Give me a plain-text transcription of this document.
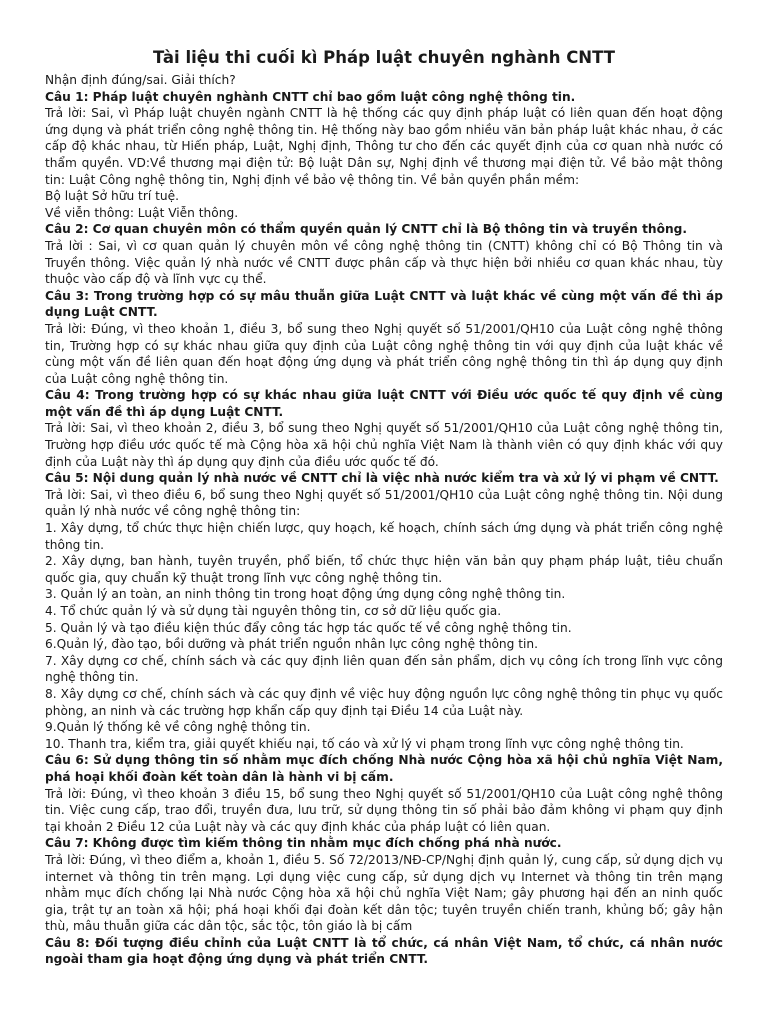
Tài liệu thi cuối kì Pháp luật chuyên nghành CNTT

Nhận định đúng/sai. Giải thích?

Câu 1: Pháp luật chuyên nghành CNTT chỉ bao gồm luật công nghệ thông tin.

Trả lời: Sai, vì Pháp luật chuyên ngành CNTT là hệ thống các quy định pháp luật có liên quan đến hoạt động ứng dụng và phát triển công nghệ thông tin. Hệ thống này bao gồm nhiều văn bản pháp luật khác nhau, ở các cấp độ khác nhau, từ Hiến pháp, Luật, Nghị định, Thông tư cho đến các quyết định của cơ quan nhà nước có thẩm quyền. VD:Về thương mại điện tử: Bộ luật Dân sự, Nghị định về thương mại điện tử. Về bảo mật thông tin: Luật Công nghệ thông tin, Nghị định về bảo vệ thông tin. Về bản quyền phần mềm:

Bộ luật Sở hữu trí tuệ.

Về viễn thông: Luật Viễn thông.

Câu 2: Cơ quan chuyên môn có thẩm quyền quản lý CNTT chỉ là Bộ thông tin và truyền thông.

Trả lời : Sai, vì cơ quan quản lý chuyên môn về công nghệ thông tin (CNTT) không chỉ có Bộ Thông tin và Truyền thông. Việc quản lý nhà nước về CNTT được phân cấp và thực hiện bởi nhiều cơ quan khác nhau, tùy thuộc vào cấp độ và lĩnh vực cụ thể.

Câu 3: Trong trường hợp có sự mâu thuẫn giữa Luật CNTT và luật khác về cùng một vấn đề thì áp dụng Luật CNTT.

Trả lời: Đúng, vì theo khoản 1, điều 3, bổ sung theo Nghị quyết số 51/2001/QH10 của Luật công nghệ thông tin, Trường hợp có sự khác nhau giữa quy định của Luật công nghệ thông tin với quy định của luật khác về cùng một vấn đề liên quan đến hoạt động ứng dụng và phát triển công nghệ thông tin thì áp dụng quy định của Luật công nghệ thông tin.

Câu 4: Trong trường hợp có sự khác nhau giữa luật CNTT với Điều ước quốc tế quy định về cùng một vấn đề thì áp dụng Luật CNTT.

Trả lời: Sai, vì theo khoản 2, điều 3, bổ sung theo Nghị quyết số 51/2001/QH10 của Luật công nghệ thông tin, Trường hợp điều ước quốc tế mà Cộng hòa xã hội chủ nghĩa Việt Nam là thành viên có quy định khác với quy định của Luật này thì áp dụng quy định của điều ước quốc tế đó.

Câu 5: Nội dung quản lý nhà nước về CNTT chỉ là việc nhà nước kiểm tra và xử lý vi phạm về CNTT.

Trả lời: Sai, vì theo điều 6, bổ sung theo Nghị quyết số 51/2001/QH10 của Luật công nghệ thông tin. Nội dung quản lý nhà nước về công nghệ thông tin:

1. Xây dựng, tổ chức thực hiện chiến lược, quy hoạch, kế hoạch, chính sách ứng dụng và phát triển công nghệ thông tin.

2. Xây dựng, ban hành, tuyên truyền, phổ biến, tổ chức thực hiện văn bản quy phạm pháp luật, tiêu chuẩn quốc gia, quy chuẩn kỹ thuật trong lĩnh vực công nghệ thông tin.

3. Quản lý an toàn, an ninh thông tin trong hoạt động ứng dụng công nghệ thông tin.

4. Tổ chức quản lý và sử dụng tài nguyên thông tin, cơ sở dữ liệu quốc gia.

5. Quản lý và tạo điều kiện thúc đẩy công tác hợp tác quốc tế về công nghệ thông tin.

6.Quản lý, đào tạo, bồi dưỡng và phát triển nguồn nhân lực công nghệ thông tin.

7. Xây dựng cơ chế, chính sách và các quy định liên quan đến sản phẩm, dịch vụ công ích trong lĩnh vực công nghệ thông tin.

8. Xây dựng cơ chế, chính sách và các quy định về việc huy động nguồn lực công nghệ thông tin phục vụ quốc phòng, an ninh và các trường hợp khẩn cấp quy định tại Điều 14 của Luật này.

9.Quản lý thống kê về công nghệ thông tin.

10. Thanh tra, kiểm tra, giải quyết khiếu nại, tố cáo và xử lý vi phạm trong lĩnh vực công nghệ thông tin.

Câu 6: Sử dụng thông tin số nhằm mục đích chống Nhà nước Cộng hòa xã hội chủ nghĩa Việt Nam, phá hoại khối đoàn kết toàn dân là hành vi bị cấm.

Trả lời: Đúng, vì theo khoản 3 điều 15, bổ sung theo Nghị quyết số 51/2001/QH10 của Luật công nghệ thông tin. Việc cung cấp, trao đổi, truyền đưa, lưu trữ, sử dụng thông tin số phải bảo đảm không vi phạm quy định tại khoản 2 Điều 12 của Luật này và các quy định khác của pháp luật có liên quan.

Câu 7: Không được tìm kiếm thông tin nhằm mục đích chống phá nhà nước.

Trả lời: Đúng, vì theo điểm a, khoản 1, điều 5. Số 72/2013/NĐ-CP/Nghị định quản lý, cung cấp, sử dụng dịch vụ internet và thông tin trên mạng. Lợi dụng việc cung cấp, sử dụng dịch vụ Internet và thông tin trên mạng nhằm mục đích chống lại Nhà nước Cộng hòa xã hội chủ nghĩa Việt Nam; gây phương hại đến an ninh quốc gia, trật tự an toàn xã hội; phá hoại khối đại đoàn kết dân tộc; tuyên truyền chiến tranh, khủng bố; gây hận thù, mâu thuẫn giữa các dân tộc, sắc tộc, tôn giáo là bị cấm

Câu 8: Đối tượng điều chỉnh của Luật CNTT là tổ chức, cá nhân Việt Nam, tổ chức, cá nhân nước ngoài tham gia hoạt động ứng dụng và phát triển CNTT.
